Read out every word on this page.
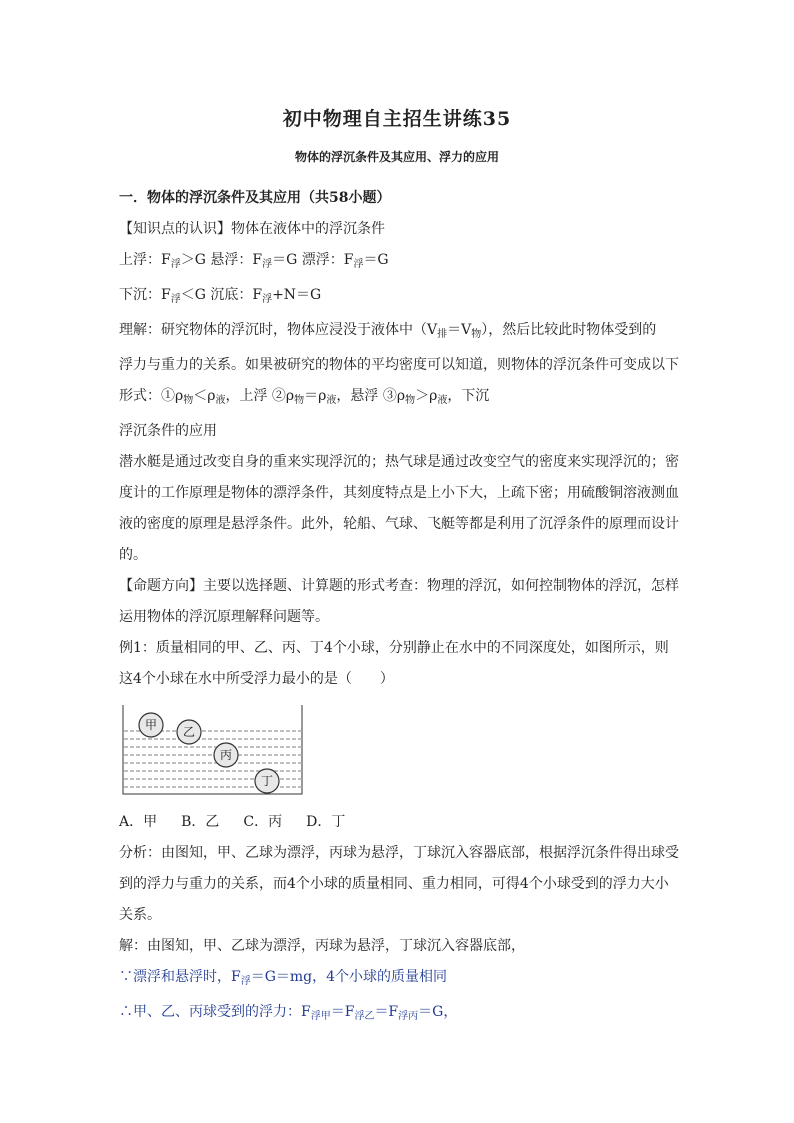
初中物理自主招生讲练35
物体的浮沉条件及其应用、浮力的应用
一．物体的浮沉条件及其应用（共58小题）
【知识点的认识】物体在液体中的浮沉条件
上浮：$F_浮>G$ 悬浮：$F_浮=G$ 漂浮：$F_浮=G$
下沉：$F_浮<G$ 沉底：$F_浮+N=G$
理解：研究物体的浮沉时，物体应浸没于液体中$(V_排=V_物)$，然后比较此时物体受到的
浮力与重力的关系。如果被研究的物体的平均密度可以知道，则物体的浮沉条件可变成以下
形式：$①\rho_物<\rho_液$，上浮 $②\rho_物=\rho_液$，悬浮 $③\rho_物>\rho_液$，下沉
浮沉条件的应用
潜水艇是通过改变自身的重来实现浮沉的；热气球是通过改变空气的密度来实现浮沉的；密
度计的工作原理是物体的漂浮条件，其刻度特点是上小下大，上疏下密；用硫酸铜溶液测血
液的密度的原理是悬浮条件。此外，轮船、气球、飞艇等都是利用了沉浮条件的原理而设计
的。
【命题方向】主要以选择题、计算题的形式考查：物理的浮沉，如何控制物体的浮沉，怎样
运用物体的浮沉原理解释问题等。
例1：质量相同的甲、乙、丙、丁4个小球，分别静止在水中的不同深度处，如图所示，则
这4个小球在水中所受浮力最小的是（　　）
甲	乙
丙
丁
A．甲 B．乙 C．丙 D．丁
分析：由图知，甲、乙球为漂浮，丙球为悬浮，丁球沉入容器底部，根据浮沉条件得出球受
到的浮力与重力的关系，而4个小球的质量相同、重力相同，可得4个小球受到的浮力大小
关系。
解：由图知，甲、乙球为漂浮，丙球为悬浮，丁球沉入容器底部，
∵漂浮和悬浮时，$F_浮=G=mg$，4个小球的质量相同
∴甲、乙、丙球受到的浮力：$F_{浮甲}=F_{浮乙}=F_{浮丙}=G$，
